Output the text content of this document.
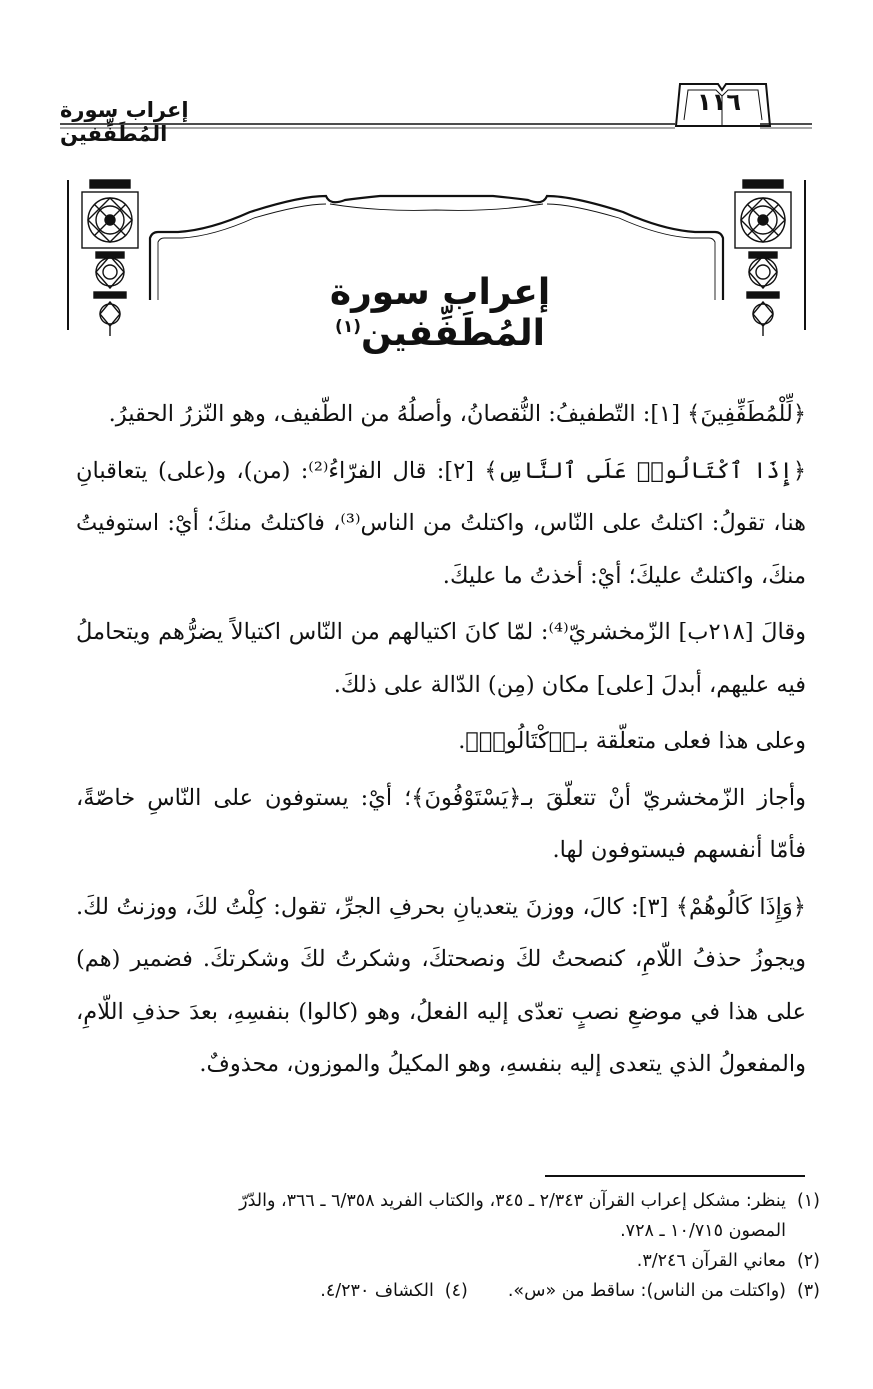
إعراب سورة المُطَفِّفين
١١٦
إعراب سورة المُطَفِّفين$^{(١)}$

﴿لِّلْمُطَفِّفِينَ﴾ [١]: التّطفيفُ: النُّقصانُ، وأصلُهُ من الطّفيف، وهو النّزرُ الحقيرُ.

﴿إِذَا ٱكْتَالُوا۟ عَلَى ٱلنَّاسِ﴾ [٢]: قال الفرّاءُ⁽²⁾: (من)، و(على) يتعاقبانِ هنا، تقولُ: اكتلتُ على النّاس، واكتلتُ من الناس⁽³⁾، فاكتلتُ منكَ؛ أيْ: استوفيتُ منكَ، واكتلتُ عليكَ؛ أيْ: أخذتُ ما عليكَ.

وقالَ [٢١٨ب] الزّمخشريّ⁽⁴⁾: لمّا كانَ اكتيالهم من النّاس اكتيالاً يضرُّهم ويتحاملُ فيه عليهم، أبدلَ [على] مكان (مِن) الدّالة على ذلكَ.

وعلى هذا فعلى متعلّقة بـ﴿ٱكْتَالُوا۟﴾.

وأجاز الزّمخشريّ أنْ تتعلّقَ بـ﴿يَسْتَوْفُونَ﴾؛ أيْ: يستوفون على النّاسِ خاصّةً، فأمّا أنفسهم فيستوفون لها.

﴿وَإِذَا كَالُوهُمْ﴾ [٣]: كالَ، ووزنَ يتعديانِ بحرفِ الجرِّ، تقول: كِلْتُ لكَ، ووزنتُ لكَ. ويجوزُ حذفُ اللّامِ، كنصحتُ لكَ ونصحتكَ، وشكرتُ لكَ وشكرتكَ. فضمير (هم) على هذا في موضعِ نصبٍ تعدّى إليه الفعلُ، وهو (كالوا) بنفسِهِ، بعدَ حذفِ اللّامِ، والمفعولُ الذي يتعدى إليه بنفسهِ، وهو المكيلُ والموزون، محذوفٌ.

(١)ينظر: مشكل إعراب القرآن ٢/٣٤٣ ـ ٣٤٥، والكتاب الفريد ٦/٣٥٨ ـ ٣٦٦، والدّرّ
المصون ١٠/٧١٥ ـ ٧٢٨.
(٢)معاني القرآن ٣/٢٤٦.
(٣)(واكتلت من الناس): ساقط من «س».(٤)الكشاف ٤/٢٣٠.
